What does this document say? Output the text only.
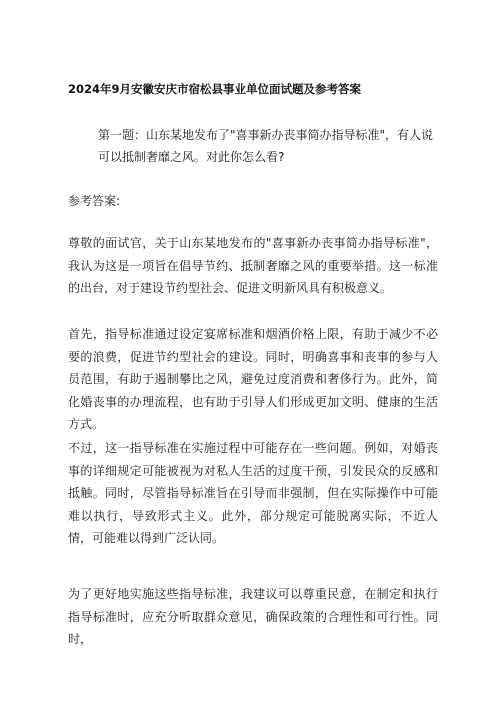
2024年9月安徽安庆市宿松县事业单位面试题及参考答案
第一题：山东某地发布了"喜事新办丧事简办指导标准"，有人说可以抵制奢靡之风。对此你怎么看?
参考答案:
尊敬的面试官，关于山东某地发布的"喜事新办丧事简办指导标准"，我认为这是一项旨在倡导节约、抵制奢靡之风的重要举措。这一标准的出台，对于建设节约型社会、促进文明新风具有积极意义。
首先，指导标准通过设定宴席标准和烟酒价格上限，有助于减少不必要的浪费，促进节约型社会的建设。同时，明确喜事和丧事的参与人员范围，有助于遏制攀比之风，避免过度消费和奢侈行为。此外，简化婚丧事的办理流程，也有助于引导人们形成更加文明、健康的生活方式。
不过，这一指导标准在实施过程中可能存在一些问题。例如，对婚丧事的详细规定可能被视为对私人生活的过度干预，引发民众的反感和抵触。同时，尽管指导标准旨在引导而非强制，但在实际操作中可能难以执行，导致形式主义。此外，部分规定可能脱离实际，不近人情，可能难以得到广泛认同。
为了更好地实施这些指导标准，我建议可以尊重民意，在制定和执行指导标准时，应充分听取群众意见，确保政策的合理性和可行性。同时，
